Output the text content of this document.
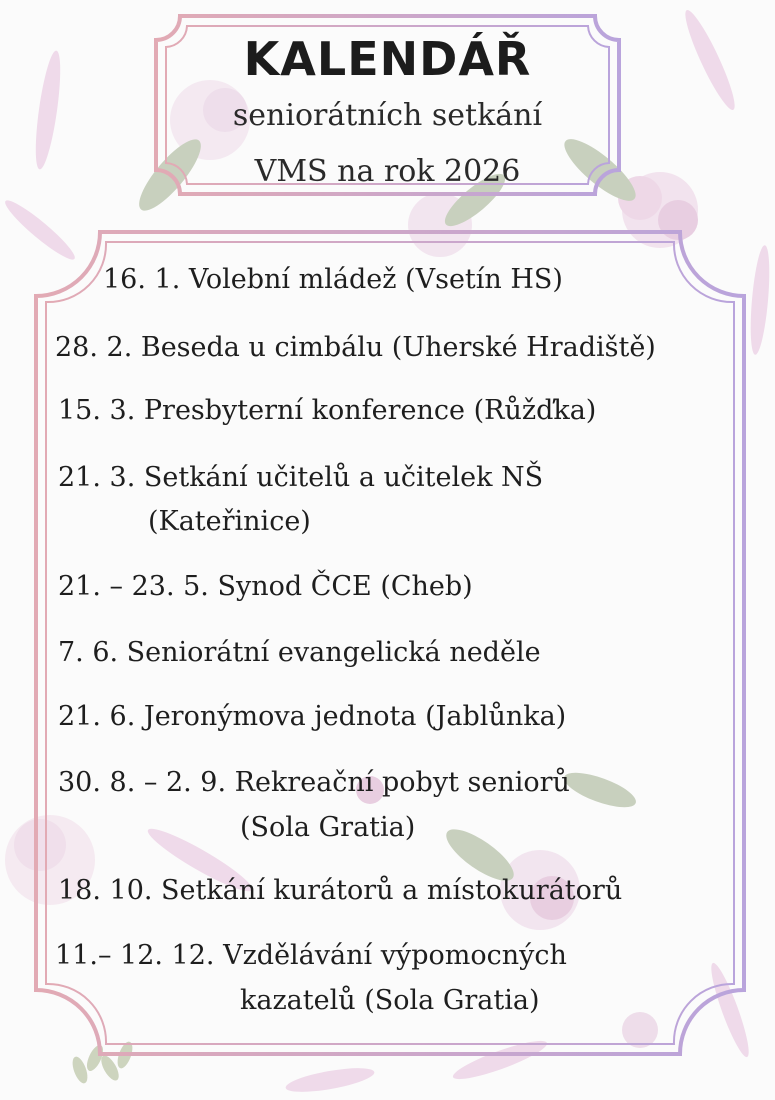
KALENDÁŘ
seniorátních setkání
VMS na rok 2026
16. 1. Volební mládež (Vsetín HS)
28. 2. Beseda u cimbálu (Uherské Hradiště)
15. 3. Presbyterní konference (Růžďka)
21. 3. Setkání učitelů a učitelek NŠ
(Kateřinice)
21. – 23. 5. Synod ČCE (Cheb)
7. 6. Seniorátní evangelická neděle
21. 6. Jeronýmova jednota (Jablůnka)
30. 8. – 2. 9. Rekreační pobyt seniorů
(Sola Gratia)
18. 10. Setkání kurátorů a místokurátorů
11.– 12. 12. Vzdělávání výpomocných
kazatelů (Sola Gratia)
